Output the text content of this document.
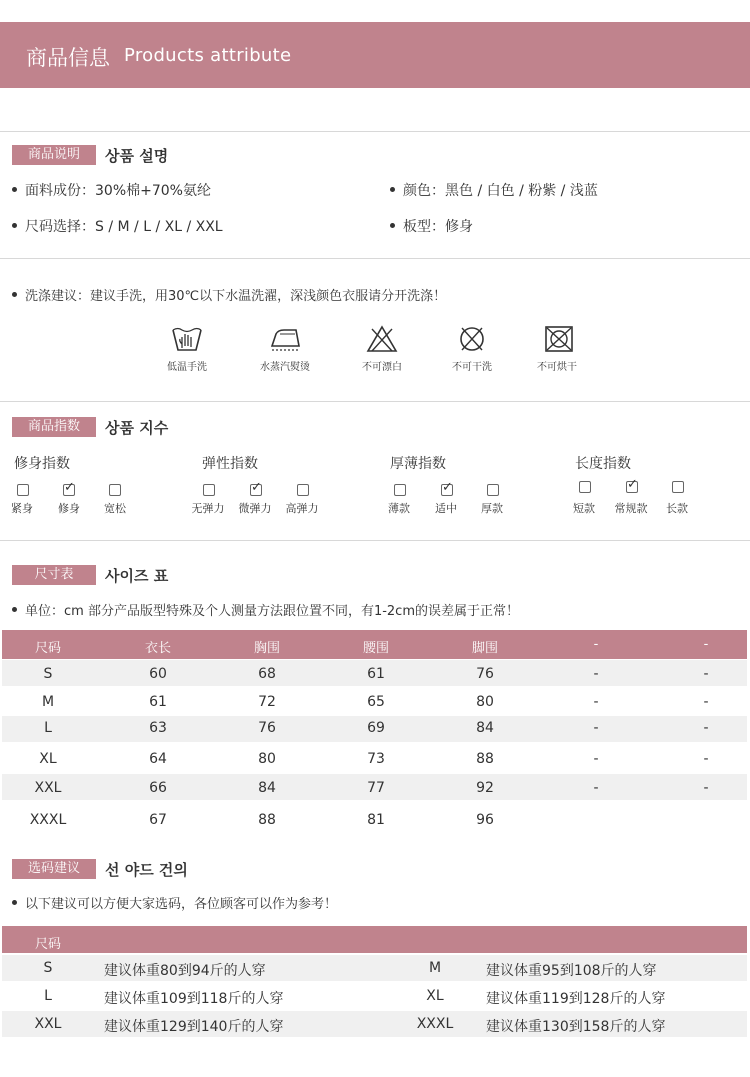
商品信息 Products attribute
商品说明	상품 설명
面料成份：30%棉+70%氨纶	颜色：黑色 / 白色 / 粉紫 / 浅蓝
尺码选择：S / M / L / XL / XXL	板型：修身
洗涤建议：建议手洗，用30℃以下水温洗濯，深浅颜色衣服请分开洗涤！
低温手洗	水蒸汽熨烫	不可漂白	不可干洗	不可烘干
商品指数	상품 지수
修身指数	弹性指数	厚薄指数	长度指数
✓
紧身	修身	宽松
✓
无弹力	微弹力	高弹力
✓
薄款	适中	厚款
✓
短款	常规款	长款
尺寸表	사이즈 표
单位：cm 部分产品版型特殊及个人测量方法跟位置不同，有1-2cm的误差属于正常！
尺码	衣长	胸围	腰围	脚围	-	-
S	60	68	61	76	-	-
M	61	72	65	80	-	-
L	63	76	69	84	-	-
XL	64	80	73	88	-	-
XXL	66	84	77	92	-	-
XXXL	67	88	81	96
选码建议	선 야드 건의
以下建议可以方便大家选码，各位顾客可以作为参考！
尺码
S	建议体重80到94斤的人穿	M	建议体重95到108斤的人穿
L	建议体重109到118斤的人穿	XL	建议体重119到128斤的人穿
XXL	建议体重129到140斤的人穿	XXXL	建议体重130到158斤的人穿
